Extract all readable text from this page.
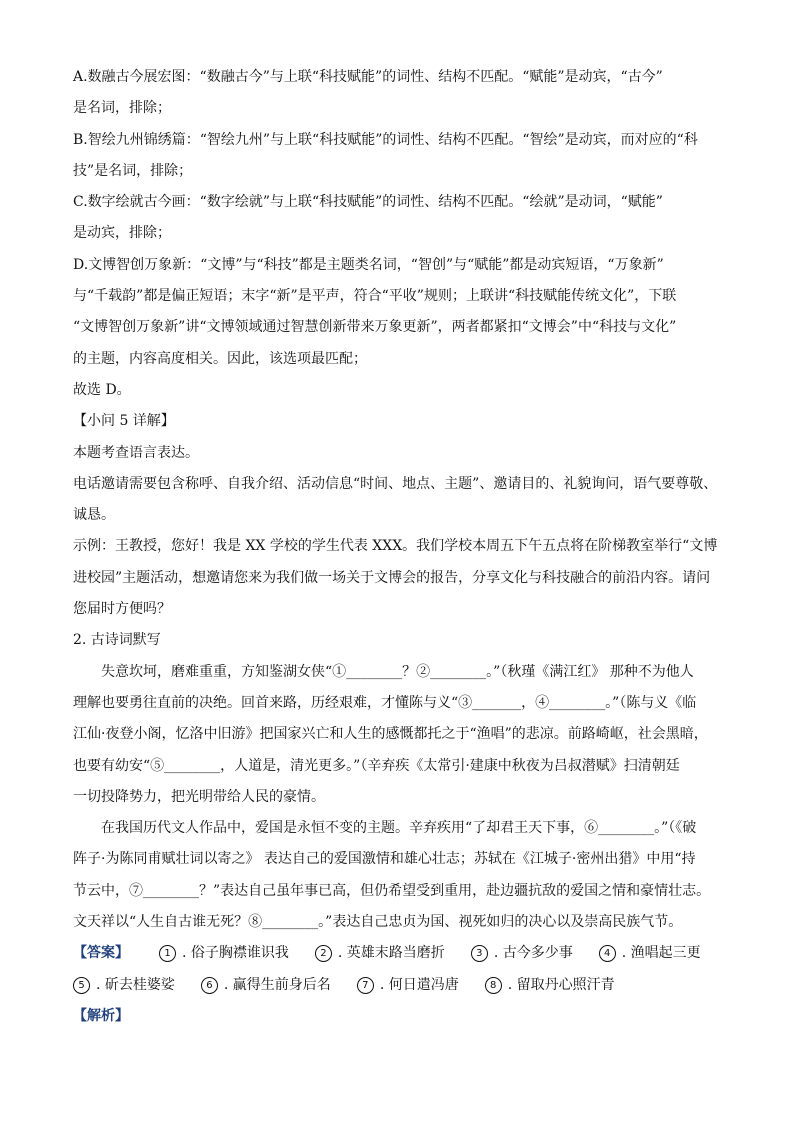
A.数融古今展宏图：“数融古今”与上联“科技赋能”的词性、结构不匹配。“赋能”是动宾，“古今”

是名词，排除；

B.智绘九州锦绣篇：“智绘九州”与上联“科技赋能”的词性、结构不匹配。“智绘”是动宾，而对应的“科

技”是名词，排除；

C.数字绘就古今画：“数字绘就”与上联“科技赋能”的词性、结构不匹配。“绘就”是动词，“赋能”

是动宾，排除；

D.文博智创万象新：“文博”与“科技”都是主题类名词，“智创”与“赋能”都是动宾短语，“万象新”

与“千载韵”都是偏正短语；末字“新”是平声，符合“平收”规则；上联讲“科技赋能传统文化”，下联

“文博智创万象新”讲“文博领域通过智慧创新带来万象更新”，两者都紧扣“文博会”中“科技与文化”

的主题，内容高度相关。因此，该选项最匹配；

故选 D。

【小问 5 详解】

本题考查语言表达。

电话邀请需要包含称呼、自我介绍、活动信息“时间、地点、主题”、邀请目的、礼貌询问，语气要尊敬、

诚恳。

示例：王教授，您好！我是 XX 学校的学生代表 XXX。我们学校本周五下午五点将在阶梯教室举行“文博

进校园”主题活动，想邀请您来为我们做一场关于文博会的报告，分享文化与科技融合的前沿内容。请问

您届时方便吗？

2. 古诗词默写

失意坎坷，磨难重重，方知鉴湖女侠“①________？②________。”（秋瑾《满江红》 那种不为他人

理解也要勇往直前的决绝。回首来路，历经艰难，才懂陈与义“③_______，④________。”（陈与义《临

江仙·夜登小阁，忆洛中旧游》把国家兴亡和人生的感慨都托之于“渔唱”的悲凉。前路崎岖，社会黑暗，

也要有幼安“⑤________，人道是，清光更多。”（辛弃疾《太常引·建康中秋夜为吕叔潜赋》扫清朝廷

一切投降势力，把光明带给人民的豪情。

在我国历代文人作品中，爱国是永恒不变的主题。辛弃疾用“了却君王天下事，⑥________。”（《破

阵子·为陈同甫赋壮词以寄之》 表达自己的爱国激情和雄心壮志；苏轼在《江城子·密州出猎》中用“持

节云中，⑦________？”表达自己虽年事已高，但仍希望受到重用，赴边疆抗敌的爱国之情和豪情壮志。

文天祥以“人生自古谁无死？⑧________。”表达自己忠贞为国、视死如归的决心以及崇高民族气节。

【答案】	1 . 俗子胸襟谁识我	2 . 英雄末路当磨折	3 . 古今多少事	4 . 渔唱起三更
5 . 斫去桂婆娑	6 . 赢得生前身后名	7 . 何日遣冯唐	8 . 留取丹心照汗青

【解析】
